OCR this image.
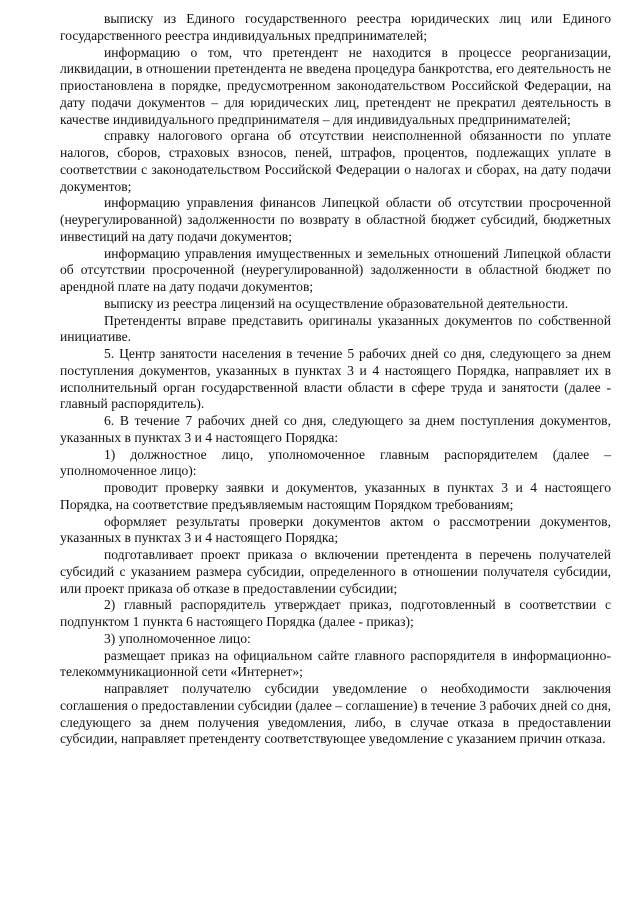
выписку из Единого государственного реестра юридических лиц или Единого государственного реестра индивидуальных предпринимателей;

информацию о том, что претендент не находится в процессе реорганизации, ликвидации, в отношении претендента не введена процедура банкротства, его деятельность не приостановлена в порядке, предусмотренном законодательством Российской Федерации, на дату подачи документов – для юридических лиц, претендент не прекратил деятельность в качестве индивидуального предпринимателя – для индивидуальных предпринимателей;

справку налогового органа об отсутствии неисполненной обязанности по уплате налогов, сборов, страховых взносов, пеней, штрафов, процентов, подлежащих уплате в соответствии с законодательством Российской Федерации о налогах и сборах, на дату подачи документов;

информацию управления финансов Липецкой области об отсутствии просроченной (неурегулированной) задолженности по возврату в областной бюджет субсидий, бюджетных инвестиций на дату подачи документов;

информацию управления имущественных и земельных отношений Липецкой области об отсутствии просроченной (неурегулированной) задолженности в областной бюджет по арендной плате на дату подачи документов;

выписку из реестра лицензий на осуществление образовательной деятельности.

Претенденты вправе представить оригиналы указанных документов по собственной инициативе.

5. Центр занятости населения в течение 5 рабочих дней со дня, следующего за днем поступления документов, указанных в пунктах 3 и 4 настоящего Порядка, направляет их в исполнительный орган государственной власти области в сфере труда и занятости (далее - главный распорядитель).

6. В течение 7 рабочих дней со дня, следующего за днем поступления документов, указанных в пунктах 3 и 4 настоящего Порядка:

1) должностное лицо, уполномоченное главным распорядителем (далее – уполномоченное лицо):

проводит проверку заявки и документов, указанных в пунктах 3 и 4 настоящего Порядка, на соответствие предъявляемым настоящим Порядком требованиям;

оформляет результаты проверки документов актом о рассмотрении документов, указанных в пунктах 3 и 4 настоящего Порядка;

подготавливает проект приказа о включении претендента в перечень получателей субсидий с указанием размера субсидии, определенного в отношении получателя субсидии, или проект приказа об отказе в предоставлении субсидии;

2) главный распорядитель утверждает приказ, подготовленный в соответствии с подпунктом 1 пункта 6 настоящего Порядка (далее - приказ);

3) уполномоченное лицо:

размещает приказ на официальном сайте главного распорядителя в информационно-телекоммуникационной сети «Интернет»;

направляет получателю субсидии уведомление о необходимости заключения соглашения о предоставлении субсидии (далее – соглашение) в течение 3 рабочих дней со дня, следующего за днем получения уведомления, либо, в случае отказа в предоставлении субсидии, направляет претенденту соответствующее уведомление с указанием причин отказа.
